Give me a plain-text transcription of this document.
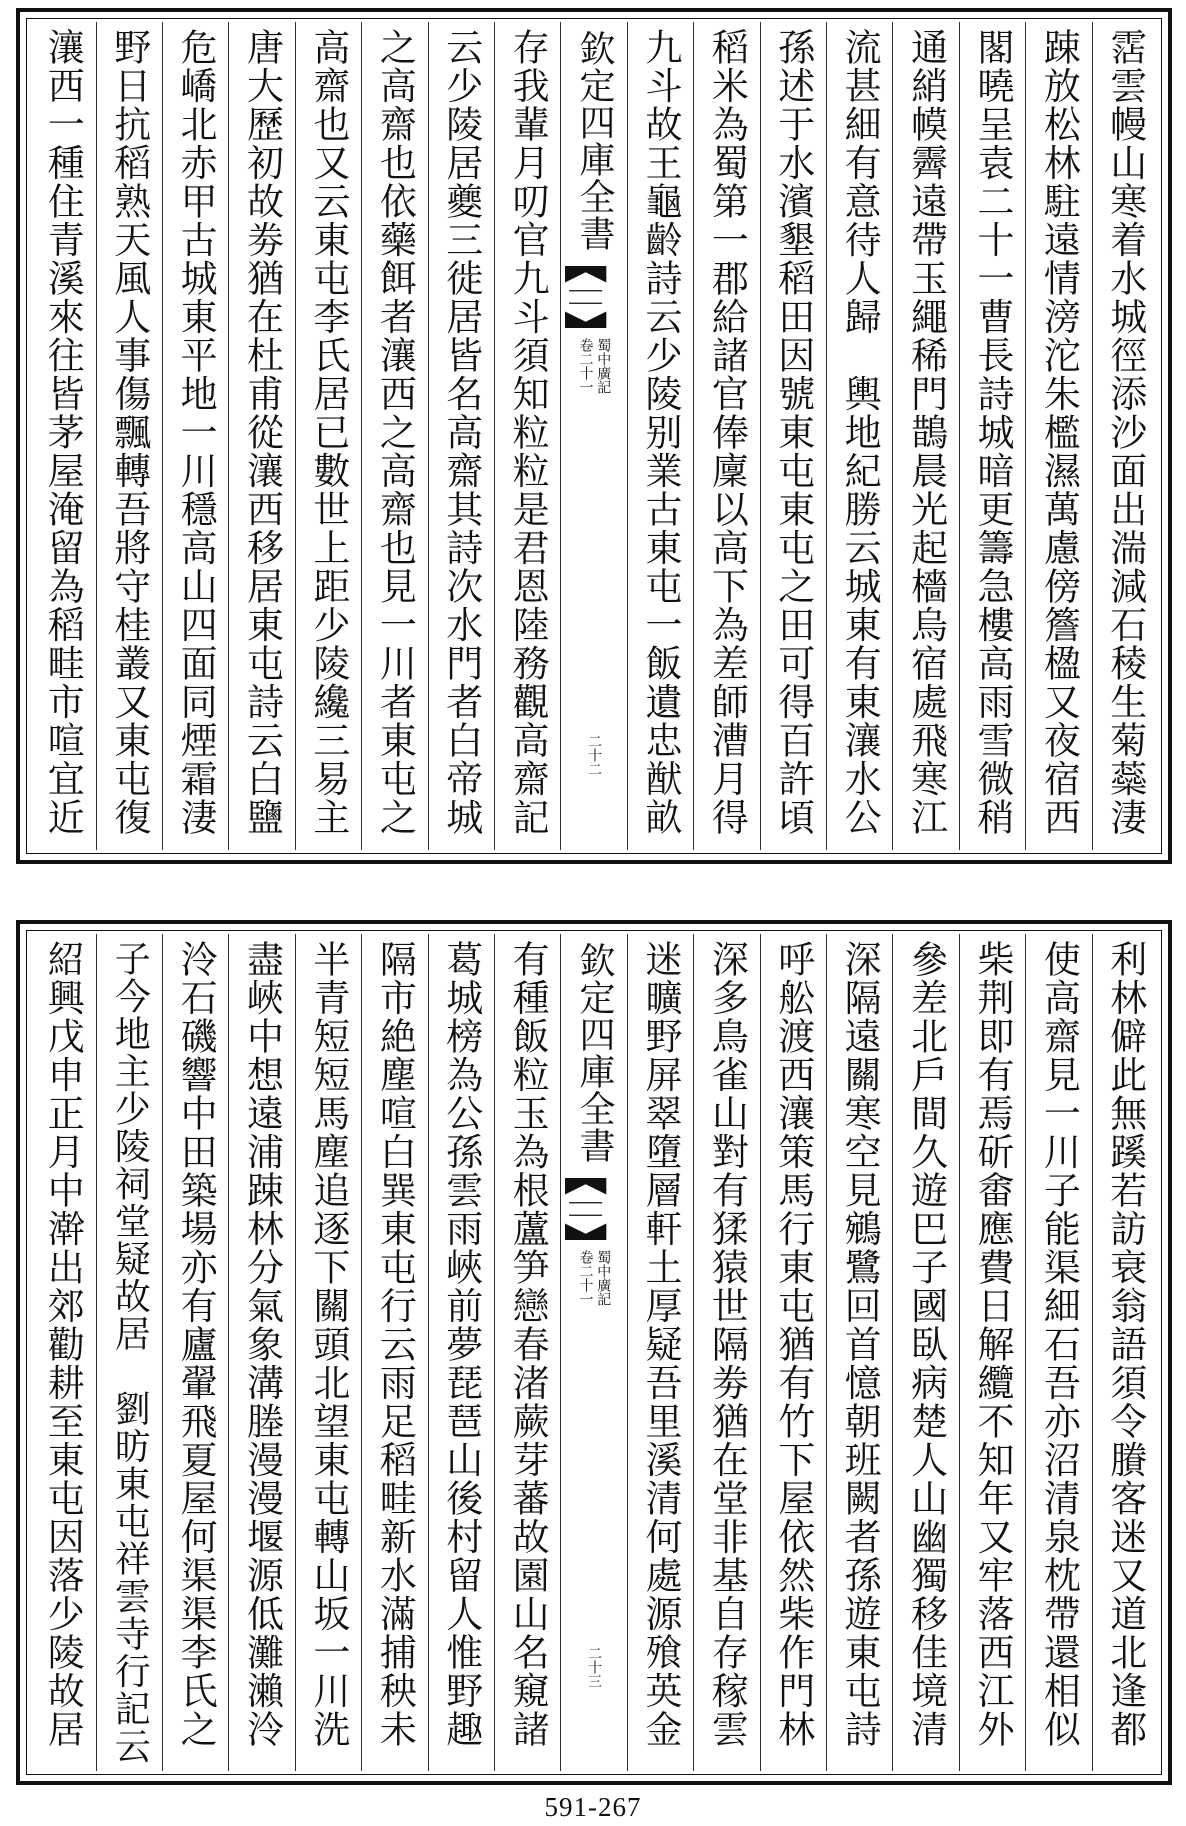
霑雲幔山寒着水城徑添沙面出湍減石稜生菊蘂淒
踈放松林駐遠情滂沱朱檻濕萬慮傍簷楹又夜宿西
閣曉呈袁二十一曹長詩城暗更籌急樓高雨雪微稍
通綃幙霽遠帶玉繩稀門鵲晨光起檣烏宿處飛寒江
流甚細有意待人歸　輿地紀勝云城東有東瀼水公
孫述于水濱墾稻田因號東屯東屯之田可得百許頃
稻米為蜀第一郡給諸官俸廩以高下為差師漕月得
九斗故王龜齡詩云少陵别業古東屯一飯遺忠猷畝
欽定四庫全書
蜀中廣記
卷二十一
二十二
存我輩月叨官九斗須知粒粒是君恩陸務觀高齋記
云少陵居夔三徙居皆名高齋其詩次水門者白帝城
之高齋也依藥餌者瀼西之高齋也見一川者東屯之
高齋也又云東屯李氏居已數世上距少陵纔三易主
唐大歷初故劵猶在杜甫從瀼西移居東屯詩云白鹽
危嶠北赤甲古城東平地一川穩高山四面同煙霜淒
野日抗稻熟天風人事傷飄轉吾將守桂叢又東屯復
瀼西一種住青溪來往皆茅屋淹留為稻畦市喧宜近
利林僻此無蹊若訪衰翁語須令賸客迷又道北逢都
使高齋見一川子能渠細石吾亦沼清泉枕帶還相似
柴荆即有焉斫畬應費日解纜不知年又牢落西江外
參差北戶間久遊巴子國臥病楚人山幽獨移佳境清
深隔遠關寒空見鵷鷺回首憶朝班闕者孫遊東屯詩
呼舩渡西瀼策馬行東屯猶有竹下屋依然柴作門林
深多鳥雀山對有猱猿世隔劵猶在堂非基自存稼雲
迷曠野屏翠墮層軒土厚疑吾里溪清何處源飱英金
欽定四庫全書
蜀中廣記
卷二十一
二十三
有種飯粒玉為根蘆笋戀春渚蕨芽蕃故園山名窺諸
葛城榜為公孫雲雨峽前夢琵琶山後村留人惟野趣
隔市絶塵喧白巽東屯行云雨足稻畦新水滿捕秧未
半青短短馬塵追逐下關頭北望東屯轉山坂一川洗
盡峽中想遠浦踈林分氣象溝塍漫漫堰源低灘瀨泠
泠石磯響中田築場亦有廬翬飛夏屋何渠渠李氏之
子今地主少陵祠堂疑故居　劉昉東屯祥雲寺行記云
紹興戊申正月中澣出郊勸耕至東屯因落少陵故居
591-267
